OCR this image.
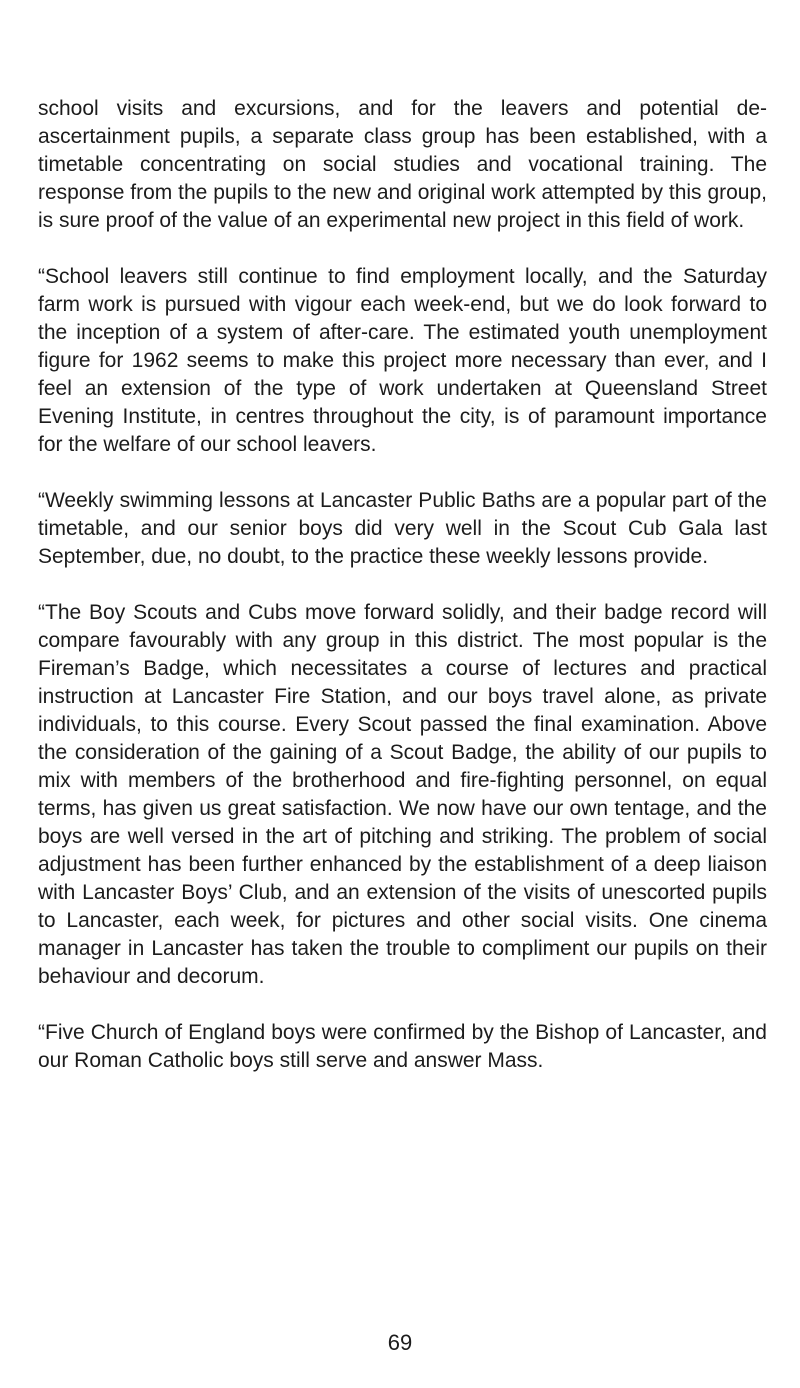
school visits and excursions, and for the leavers and potential de-ascertainment pupils, a separate class group has been established, with a timetable concentrating on social studies and vocational training. The response from the pupils to the new and original work attempted by this group, is sure proof of the value of an experimental new project in this field of work.

“School leavers still continue to find employment locally, and the Saturday farm work is pursued with vigour each week-end, but we do look forward to the inception of a system of after-care. The estimated youth unemployment figure for 1962 seems to make this project more necessary than ever, and I feel an extension of the type of work undertaken at Queensland Street Evening Institute, in centres throughout the city, is of paramount importance for the welfare of our school leavers.

“Weekly swimming lessons at Lancaster Public Baths are a popular part of the timetable, and our senior boys did very well in the Scout Cub Gala last September, due, no doubt, to the practice these weekly lessons provide.

“The Boy Scouts and Cubs move forward solidly, and their badge record will compare favourably with any group in this district. The most popular is the Fireman’s Badge, which necessitates a course of lectures and practical instruction at Lancaster Fire Station, and our boys travel alone, as private individuals, to this course. Every Scout passed the final examination. Above the consideration of the gaining of a Scout Badge, the ability of our pupils to mix with members of the brotherhood and fire-fighting personnel, on equal terms, has given us great satisfaction. We now have our own tentage, and the boys are well versed in the art of pitching and striking. The problem of social adjustment has been further enhanced by the establishment of a deep liaison with Lancaster Boys’ Club, and an extension of the visits of unescorted pupils to Lancaster, each week, for pictures and other social visits. One cinema manager in Lancaster has taken the trouble to compliment our pupils on their behaviour and decorum.

“Five Church of England boys were confirmed by the Bishop of Lancaster, and our Roman Catholic boys still serve and answer Mass.

69
